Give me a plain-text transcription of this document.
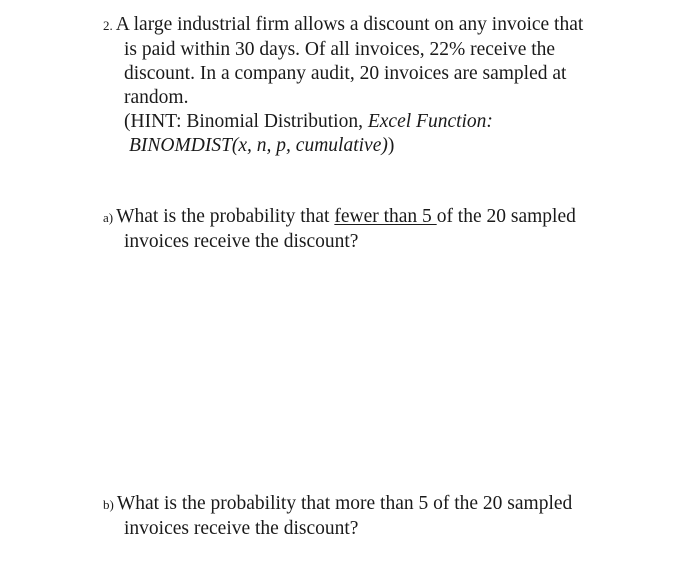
2. A large industrial firm allows a discount on any invoice that
is paid within 30 days. Of all invoices, 22% receive the
discount. In a company audit, 20 invoices are sampled at
random.
(HINT: Binomial Distribution, Excel Function:
BINOMDIST(x, n, p, cumulative))
a) What is the probability that fewer than 5 of the 20 sampled
invoices receive the discount?
b) What is the probability that more than 5 of the 20 sampled
invoices receive the discount?
